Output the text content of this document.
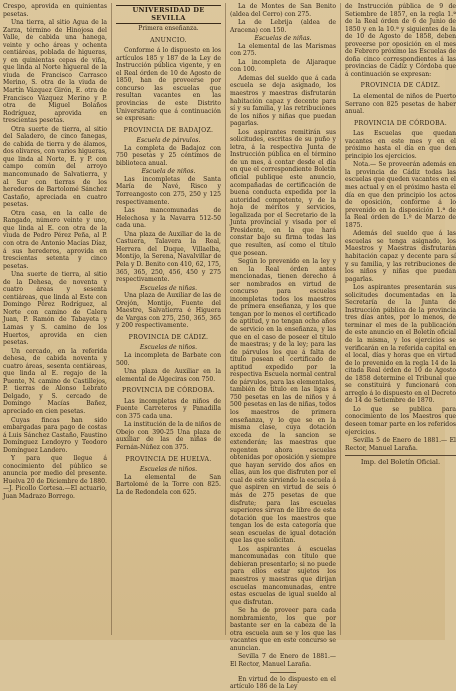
Crespo, aprovida en quinientas pesetas.

Una tierra, al sitio Agua de la Zarza, término de Hinojosa del Valle, de cabida una hanega, veinte y ocho áreas y ochenta centiáreas, poblada de higueras, y en quinientas cepas de viña, que linda al Norte higueral de la viuda de Francisco Carrasco Merino, S. otra de la viuda de Martín Vázquez Girón, E. otra de Francisco Vázquez Merino y P. otra de Miguel Bolaños Rodríguez, aprovida en trescientas pesetas.

Otra suerte de tierra, al sitio del Saladero, de cinco fanegas, de cabida de tierra y de álamos, dos olivares, con varios higueras, que linda al Norte, E. y P. con campo común del arroyo mancomunado de Salvatierra, y al Sur con tierras de los herederos de Bartolomé Sánchez Castaño, apreciada en cuatro pesetas.

Otra casa, en la calle de Rangado, número veinte y uno, que linda al E. con otra de la viuda de Pedro Pérez Peña, al P. con otra de Antonio Macías Díaz, á sus herederos, aprovida en trescientas setenta y cinco pesetas.

Una suerte de tierra, al sitio de la Dehesa, de noventa y cuatro áreas y sesenta centiáreas, que linda al Este con Domingo Pérez Rodríguez, al Norte con camino de Calera Juan, P. Ramón de Tabayeta y Lamas y S. camino de los Huertos, aprovida en cien pesetas.

Un cercado, en la referida dehesa, de cabida noventa y cuatro áreas, sesenta centiáreas, que linda al E. regajo de la Puente, N. camino de Castillejos, P. tierras de Alonso Lebrato Delgado, y S. cercado de Domingo Macías Bañez, apreciado en cien pesetas.

Cuyas fincas han sido embargadas para pago de costas á Luis Sánchez Castaño, Faustino Domínguez Lendoyro y Teodoro Domínguez Landero.

Y para que llegue á conocimiento del público se anuncia por medio del presente. Huelva 20 de Diciembre de 1880.—J. Picollo Cortesa.—El actuario, Juan Madrazo Borrego.

UNIVERSIDAD DE SEVILLA
Primera enseñanza.
ANUNCIO.

Conforme á lo dispuesto en los artículos 185 y 187 de la Ley de Instrucción pública vigente, y en el Real órden de 10 de Agosto de 1850, han de proveerse por concurso las escuelas que resultan vacantes en las provincias de este Distrito Universitario que á continuación se expresan:

PROVINCIA DE BADAJOZ.
Escuela de párvulos.

La completa de Badajoz con 750 pesetas y 25 céntimos de biblioteca anual.

Escuela de niños.

Las incompletas de Santa María de Navé, Risco y Torreangosto con 275, 250 y 125 respectivamente.

Las mancomunadas de Helechosa y la Navarra 512-50 cada una.

Una plaza de Auxiliar de la de Castuera, Talavera la Real, Herrera del Duque, Villaelba, Montijo, la Serena, Navalvillar de Pela y D. Benito con 410, 62, 175, 365, 365, 250, 456, 450 y 275 respectivamente.

Escuelas de niñas.

Una plaza de Auxiliar de las de Orejón, Montijo, Fuente del Maestre, Salvatierra é Higuera de Vargas con 275, 250, 365, 365 y 200 respectivamente.

PROVINCIA DE CÁDIZ.
Escuelas de niños.

La incompleta de Barbate con 500.

Una plaza de Auxiliar en la elemental de Algeciras con 750.

PROVINCIA DE CÓRDOBA.

Las incompletas de niños de Fuente Carreteros y Panadilla con 375 cada una.

La institución de la de niños de Obejo con 390-25 Una plaza de auxiliar de las de niñas de Fernán-Núñez con 375.

PROVINCIA DE HUELVA.
Escuelas de niños.

La elemental de San Bartolomé de la Torre con 825. La de Redondela con 625.

La de Montes de San Benito (aldea del Cerro) con 275.

La de Lebrija (aldea de Aracena) con 150.

Escuelas de niñas.

La elemental de las Marismas con 275.

La incompleta de Aljaraque con 100.

Ademas del sueldo que á cada escuela se deja asignado, los maestros y maestras disfrutarán habitación capaz y decente para sí y su familia, y las retribuciones de los niños y niñas que puedan pagarlas.

Los aspirantes remitirán sus solicitudes, escritas de su puño y letra, á la respectiva Junta de Instrucción pública en el término de un mes, á contar desde el día en que el correspondiente Boletín oficial publique este anuncio, acompañadas de certificación de buena conducta expedida por la autoridad competente, y de la hoja de méritos y servicios, legalizada por el Secretario de la Junta provincial y visada por el Presidente, en la que hará constar bajo su firma todas las que resulten, así como el título que posean.

Según lo prevenido en la ley y en la Real órden antes mencionadas, tienen derecho á ser nombrados en virtud de concurso para escuelas incompletas todos los maestros de primera enseñanza, y los que tengan por lo menos el certificado de aptitud, y no tengan ocho años de servicio en la enseñanza, y las que en el caso de poseer el título de maestras; y de la ley; para las de párvulos los que á falta de título posean el certificado de aptitud expedido por la respectiva Escuela normal central de párvulos, para las elementales, también de título en las ligas á 750 pesetas en las de niños y á 500 pesetas en las de niñas, todos los maestros de primera enseñanza, y lo que se en la misma clase, cuya dotación exceda de la sancion se extenderán; las maestras que regenten ahora escuelas obtenidas por oposición y siempre que hayan servido dos años en ellas, aun los que disfruten por el cual de este sirviendo la escuela á que aspiren en virtud de seis ó más de 275 pesetas de que disfrute; para las escuelas superiores sirvan de libre de esta dotación que los maestros que tengan los de esta categoría que sean escuelas de igual dotación que las que solicitan.

Los aspirantes á escuelas mancomunadas con título que debieran presentarlo; si no puede para ellos estar sujetos los maestros y maestras que dirijan escuelas mancomunadas, entre estas escuelas de igual sueldo al que disfrutan.

Se ha de proveer para cada nombramiento, los que por bastante ser en la cabeza de la otra escuela aun se y los que las vacantes que en este concurso se anuncian.

Sevilla 7 de Enero de 1881.— El Rector, Manuel Laraña.

En virtud de lo dispuesto en el artículo 186 de la Ley

de Instrucción pública de 9 de Setiembre de 1857, en la regla 1.ª de la Real órden de 6 de Junio de 1850 y en la 10.ª y siguientes de la de 10 de Agosto de 1858, deben proveerse por oposición en el mes de Febrero próximo las Escuelas de doña cinco correspondientes á las provincias de Cádiz y Córdoba que á continuación se expresan:

PROVINCIA DE CÁDIZ.

La elemental de niños de Puerto Serrano con 825 pesetas de haber anual.

PROVINCIA DE CÓRDOBA.

Las Escuelas que quedan vacantes en este mes y en el próximo hasta el día en que den principio los ejercicios.

Nota.— Se proveerán además en la provincia de Cádiz todas las escuelas que queden vacantes en el mes actual y en el próximo hasta el día en que den principio los actos de oposición, conforme á lo prevenido en la disposición 1.ª de la Real órden de 1.º de Marzo de 1875.

Además del sueldo que á las escuelas se tenga asignado, los Maestros y Maestras disfrutarán habitación capaz y decente para sí y su familia, y las retribuciones de los niños y niñas que puedan pagarlas.

Los aspirantes presentarán sus solicitudes documentadas en la Secretaría de la Junta de Instrucción pública de la provincia tres días antes, por lo menos, de terminar el mes de la publicación de este anuncio en el Boletín oficial de la misma, y los ejercicios se verificarán en la referida capital en el local, días y horas que en virtud de lo prevenido en la regla 14 de la citada Real órden de 10 de Agosto de 1858 determine el Tribunal que se constituirá y funcionará con arreglo á lo dispuesto en el Decreto de 14 de Setiembre de 1870.

Lo que se publica para conocimiento de los Maestros que deseen tomar parte en los referidos ejercicios.

Sevilla 5 de Enero de 1881.— El Rector, Manuel Laraña.

Imp. del Boletín Oficial.
